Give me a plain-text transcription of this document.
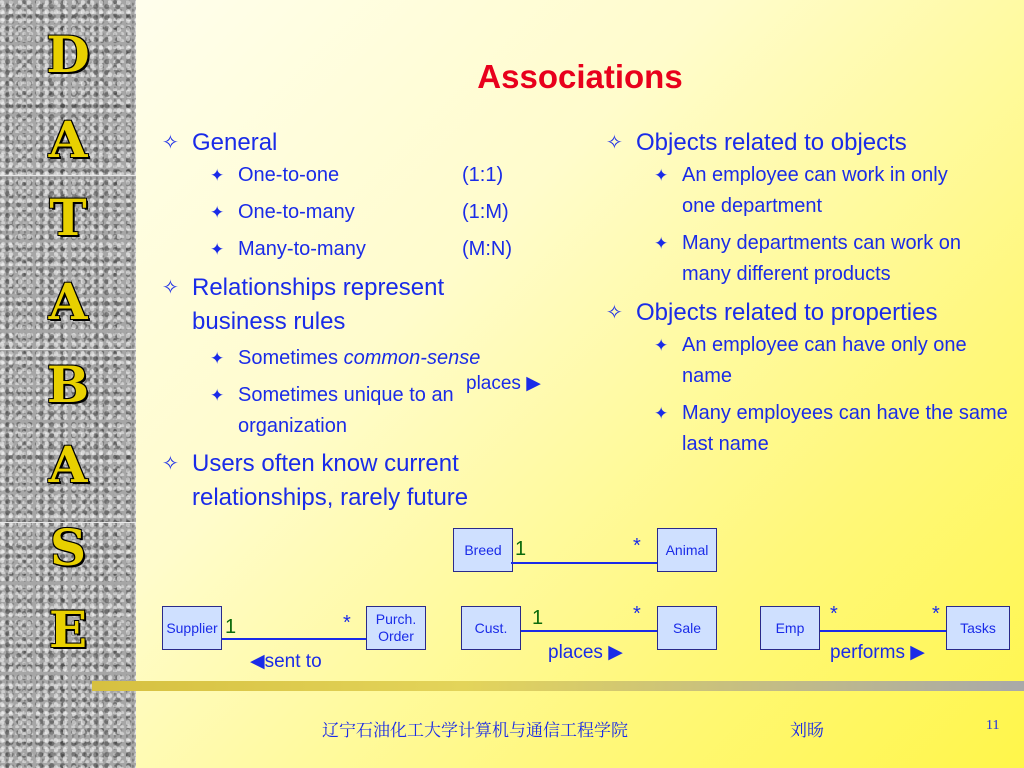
D
A
T
A
B
A
S
E
Associations
✧ General
✦ One-to-one	(1:1)
✦ One-to-many	(1:M)
✦ Many-to-many	(M:N)
✧ Relationships represent business rules
✦ Sometimes common-sense
✦ Sometimes unique to an organization
✧ Users often know current relationships, rarely future
places ▶
✧ Objects related to objects
✦ An employee can work in only one department
✦ Many departments can work on many different products
✧ Objects related to properties
✦ An employee can have only one name
✦ Many employees can have the same last name
Breed 1	*	Animal
Supplier 1	*	Purch. Order
◀sent to
Cust.	1	*
Sale
places ▶
Emp
*	*
Tasks
performs ▶
辽宁石油化工大学计算机与通信工程学院	刘旸	11
